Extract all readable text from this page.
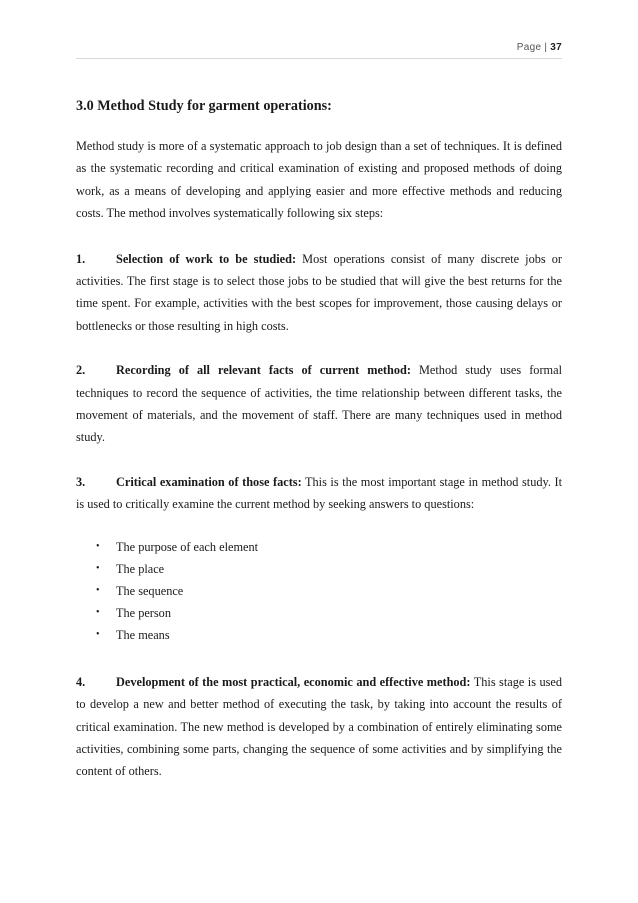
Page | 37
3.0 Method Study for garment operations:

Method study is more of a systematic approach to job design than a set of techniques. It is defined as the systematic recording and critical examination of existing and proposed methods of doing work, as a means of developing and applying easier and more effective methods and reducing costs. The method involves systematically following six steps:

1.	Selection of work to be studied: Most operations consist of many discrete jobs or activities. The first stage is to select those jobs to be studied that will give the best returns for the time spent. For example, activities with the best scopes for improvement, those causing delays or bottlenecks or those resulting in high costs.

2.	Recording of all relevant facts of current method: Method study uses formal techniques to record the sequence of activities, the time relationship between different tasks, the movement of materials, and the movement of staff. There are many techniques used in method study.

3.	Critical examination of those facts: This is the most important stage in method study. It is used to critically examine the current method by seeking answers to questions:

• The purpose of each element
• The place
• The sequence
• The person
• The means

4.	Development of the most practical, economic and effective method: This stage is used to develop a new and better method of executing the task, by taking into account the results of critical examination. The new method is developed by a combination of entirely eliminating some activities, combining some parts, changing the sequence of some activities and by simplifying the content of others.
